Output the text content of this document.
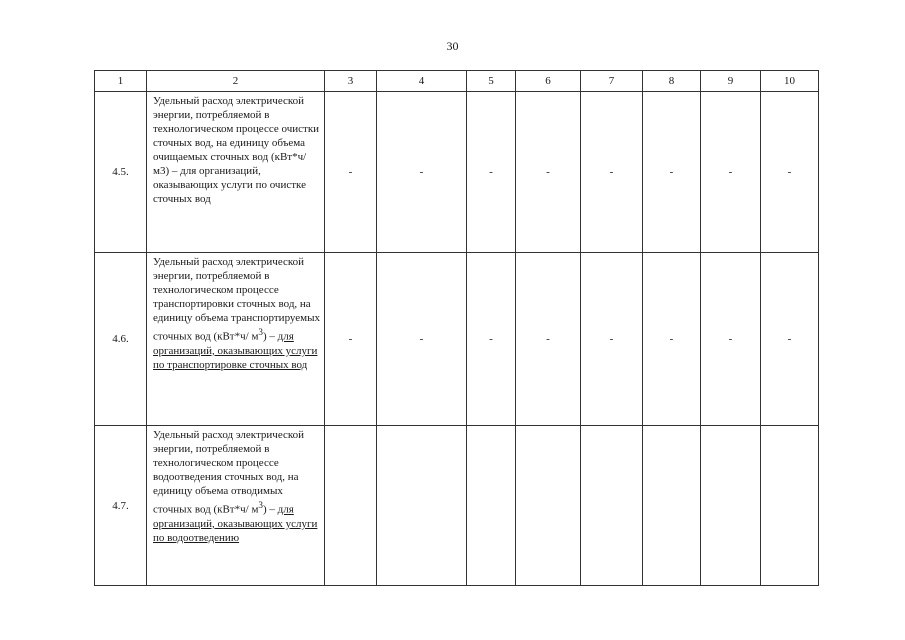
30
1	2	3	4	5	6	7	8	9	10
4.5.	Удельный расход электрической энергии, потребляемой в технологическом процессе очистки сточных вод, на единицу объема очищаемых сточных вод (кВт*ч/ м3) – для организаций, оказывающих услуги по очистке сточных вод	-	-	-	-	-	-	-	-
4.6.	Удельный расход электрической энергии, потребляемой в технологическом процессе транспортировки сточных вод, на единицу объема транспортируемых сточных вод (кВт*ч/ $м^3$) – для организаций, оказывающих услуги по транспортировке сточных вод	-	-	-	-	-	-	-	-
4.7.	Удельный расход электрической энергии, потребляемой в технологическом процессе водоотведения сточных вод, на единицу объема отводимых сточных вод (кВт*ч/ $м^3$) – для организаций, оказывающих услуги по водоотведению								
